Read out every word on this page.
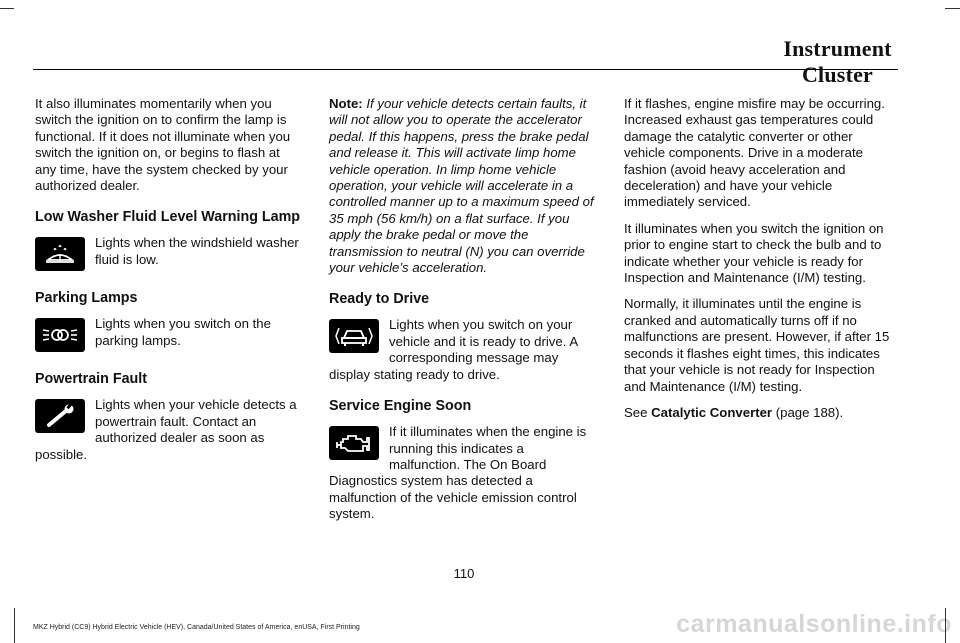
Instrument Cluster

It also illuminates momentarily when you switch the ignition on to confirm the lamp is functional. If it does not illuminate when you switch the ignition on, or begins to flash at any time, have the system checked by your authorized dealer.

Low Washer Fluid Level Warning Lamp

Lights when the windshield washer fluid is low.

Parking Lamps

Lights when you switch on the parking lamps.

Powertrain Fault

Lights when your vehicle detects a powertrain fault. Contact an authorized dealer as soon as possible.

Note: If your vehicle detects certain faults, it will not allow you to operate the accelerator pedal. If this happens, press the brake pedal and release it. This will activate limp home vehicle operation. In limp home vehicle operation, your vehicle will accelerate in a controlled manner up to a maximum speed of 35 mph (56 km/h) on a flat surface. If you apply the brake pedal or move the transmission to neutral (N) you can override your vehicle’s acceleration.

Ready to Drive

Lights when you switch on your vehicle and it is ready to drive. A corresponding message may display stating ready to drive.

Service Engine Soon

If it illuminates when the engine is running this indicates a malfunction. The On Board Diagnostics system has detected a malfunction of the vehicle emission control system.

If it flashes, engine misfire may be occurring. Increased exhaust gas temperatures could damage the catalytic converter or other vehicle components. Drive in a moderate fashion (avoid heavy acceleration and deceleration) and have your vehicle immediately serviced.

It illuminates when you switch the ignition on prior to engine start to check the bulb and to indicate whether your vehicle is ready for Inspection and Maintenance (I/M) testing.

Normally, it illuminates until the engine is cranked and automatically turns off if no malfunctions are present. However, if after 15 seconds it flashes eight times, this indicates that your vehicle is not ready for Inspection and Maintenance (I/M) testing.

See Catalytic Converter (page 188).

110
MKZ Hybrid (CC9) Hybrid Electric Vehicle (HEV), Canada/United States of America, enUSA, First Printing	carmanualsonline.info
